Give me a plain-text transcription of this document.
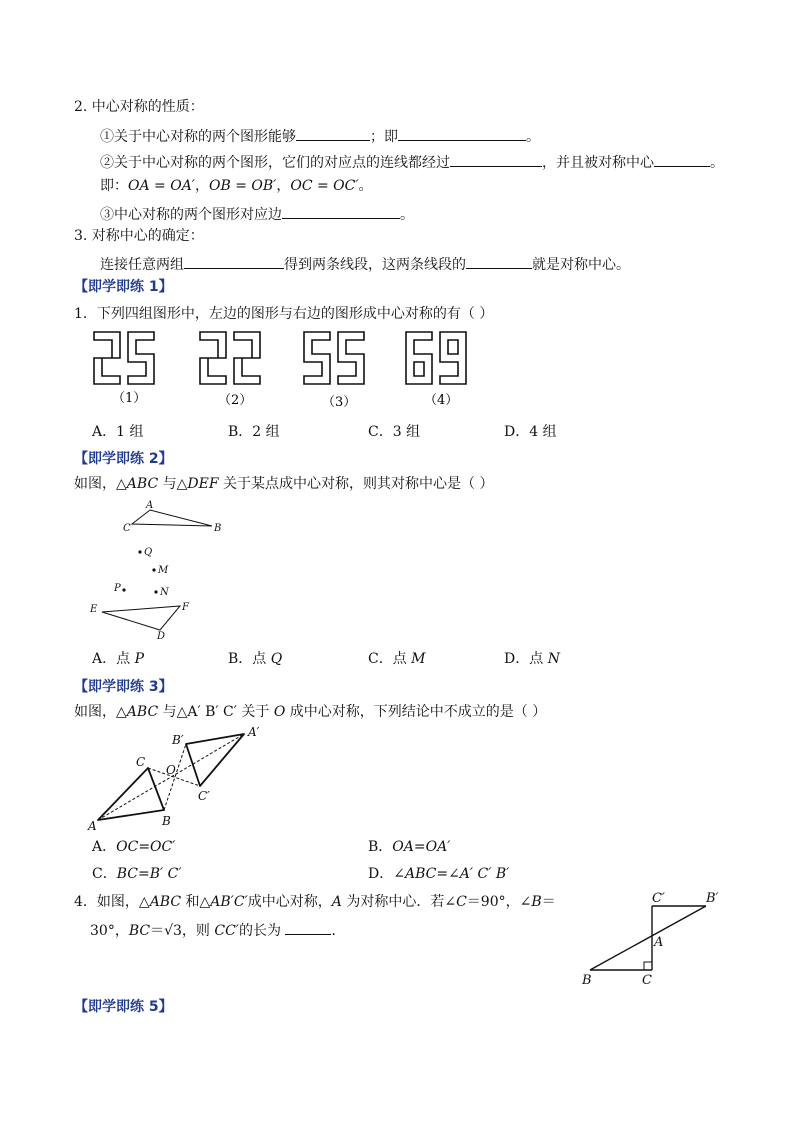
2. 中心对称的性质：
①关于中心对称的两个图形能够	；即	。
②关于中心对称的两个图形，它们的对应点的连线都经过	，并且被对称中心	。
即：OA = OA′，OB = OB′，OC = OC′。
③中心对称的两个图形对应边	。
3. 对称中心的确定：
连接任意两组	得到两条线段，这两条线段的	就是对称中心。
【即学即练 1】
1．下列四组图形中，左边的图形与右边的图形成中心对称的有（ ）
（1）	（2）	（3）	（4）
A．1 组	B．2 组	C．3 组	D．4 组
【即学即练 2】
如图，△ABC 与△DEF 关于某点成中心对称，则其对称中心是（ ）
A
B
C
E	F
D
Q
M
P	N
A．点 P	B．点 Q	C．点 M	D．点 N
【即学即练 3】
如图，△ABC 与△A′ B′ C′ 关于 O 成中心对称，下列结论中不成立的是（ ）
A	B
C
O
A′
B′
C′
A．OC=OC′	B．OA=OA′
C．BC=B′ C′	D．∠ABC=∠A′ C′ B′
4．如图，△ABC 和△AB′C′成中心对称，A 为对称中心．若∠C＝90°，∠B＝
30°，BC＝√3，则 CC′的长为	．
C′	B′
A
B	C
【即学即练 5】
